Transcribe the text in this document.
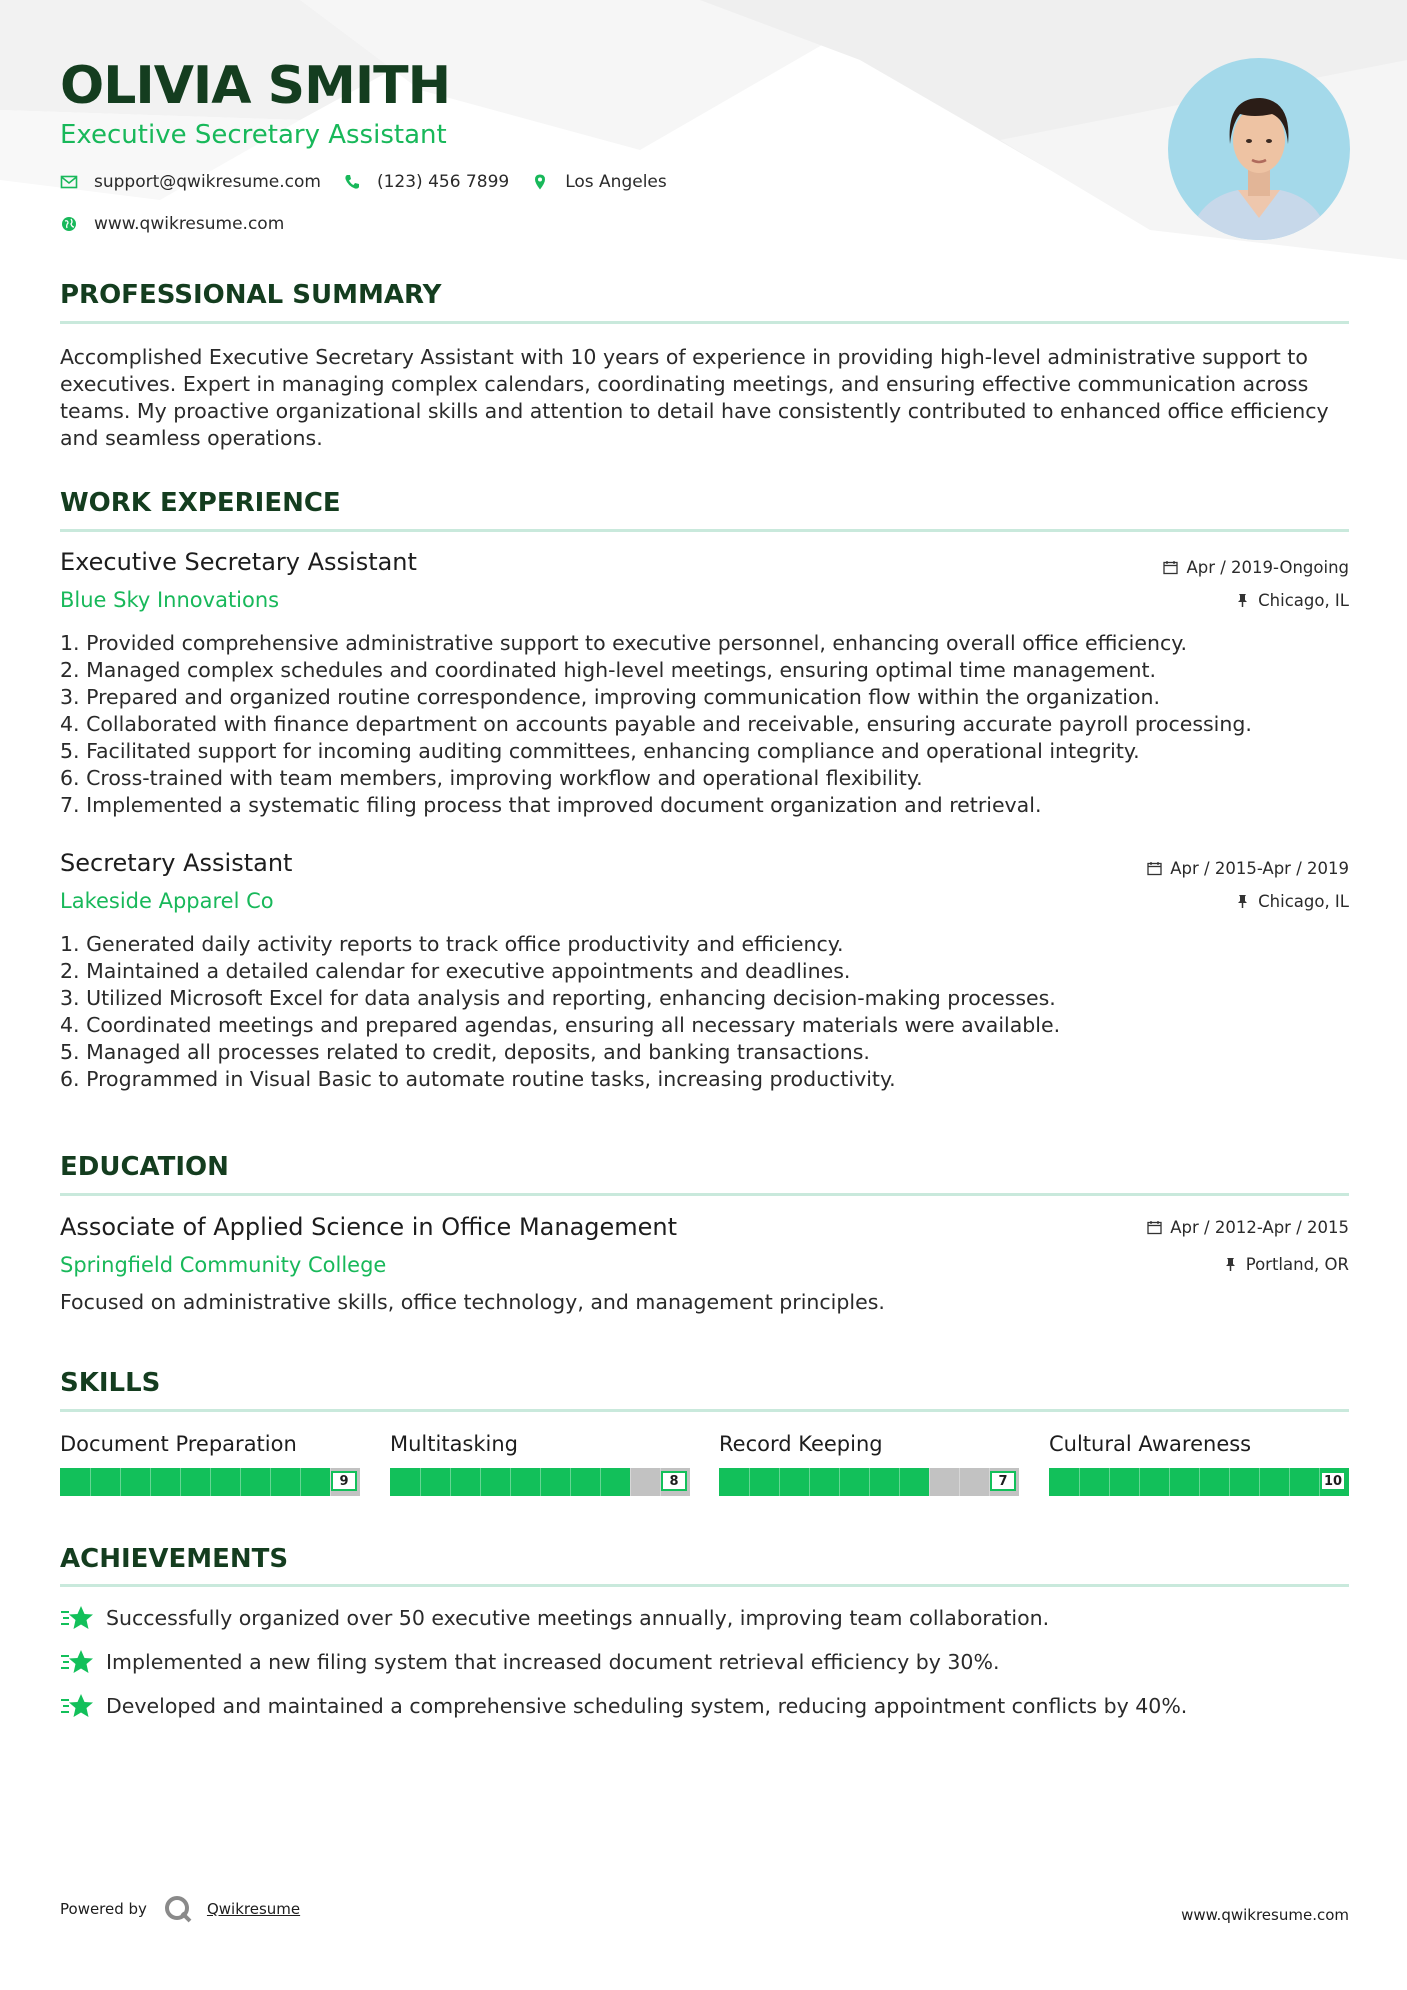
OLIVIA SMITH
Executive Secretary Assistant
support@qwikresume.com	(123) 456 7899	Los Angeles
www.qwikresume.com
PROFESSIONAL SUMMARY

Accomplished Executive Secretary Assistant with 10 years of experience in providing high-level administrative support to executives. Expert in managing complex calendars, coordinating meetings, and ensuring effective communication across teams. My proactive organizational skills and attention to detail have consistently contributed to enhanced office efficiency and seamless operations.

WORK EXPERIENCE
Executive Secretary Assistant
Blue Sky Innovations
Apr / 2019-Ongoing
Chicago, IL
1. Provided comprehensive administrative support to executive personnel, enhancing overall office efficiency.
2. Managed complex schedules and coordinated high-level meetings, ensuring optimal time management.
3. Prepared and organized routine correspondence, improving communication flow within the organization.
4. Collaborated with finance department on accounts payable and receivable, ensuring accurate payroll processing.
5. Facilitated support for incoming auditing committees, enhancing compliance and operational integrity.
6. Cross-trained with team members, improving workflow and operational flexibility.
7. Implemented a systematic filing process that improved document organization and retrieval.
Secretary Assistant
Lakeside Apparel Co
Apr / 2015-Apr / 2019
Chicago, IL
1. Generated daily activity reports to track office productivity and efficiency.
2. Maintained a detailed calendar for executive appointments and deadlines.
3. Utilized Microsoft Excel for data analysis and reporting, enhancing decision-making processes.
4. Coordinated meetings and prepared agendas, ensuring all necessary materials were available.
5. Managed all processes related to credit, deposits, and banking transactions.
6. Programmed in Visual Basic to automate routine tasks, increasing productivity.
EDUCATION
Associate of Applied Science in Office Management
Springfield Community College
Apr / 2012-Apr / 2015
Portland, OR
Focused on administrative skills, office technology, and management principles.
SKILLS
Document Preparation
9
Multitasking
8
Record Keeping
7
Cultural Awareness
10
ACHIEVEMENTS
Successfully organized over 50 executive meetings annually, improving team collaboration.
Implemented a new filing system that increased document retrieval efficiency by 30%.
Developed and maintained a comprehensive scheduling system, reducing appointment conflicts by 40%.
Powered by	Qwikresume	www.qwikresume.com
